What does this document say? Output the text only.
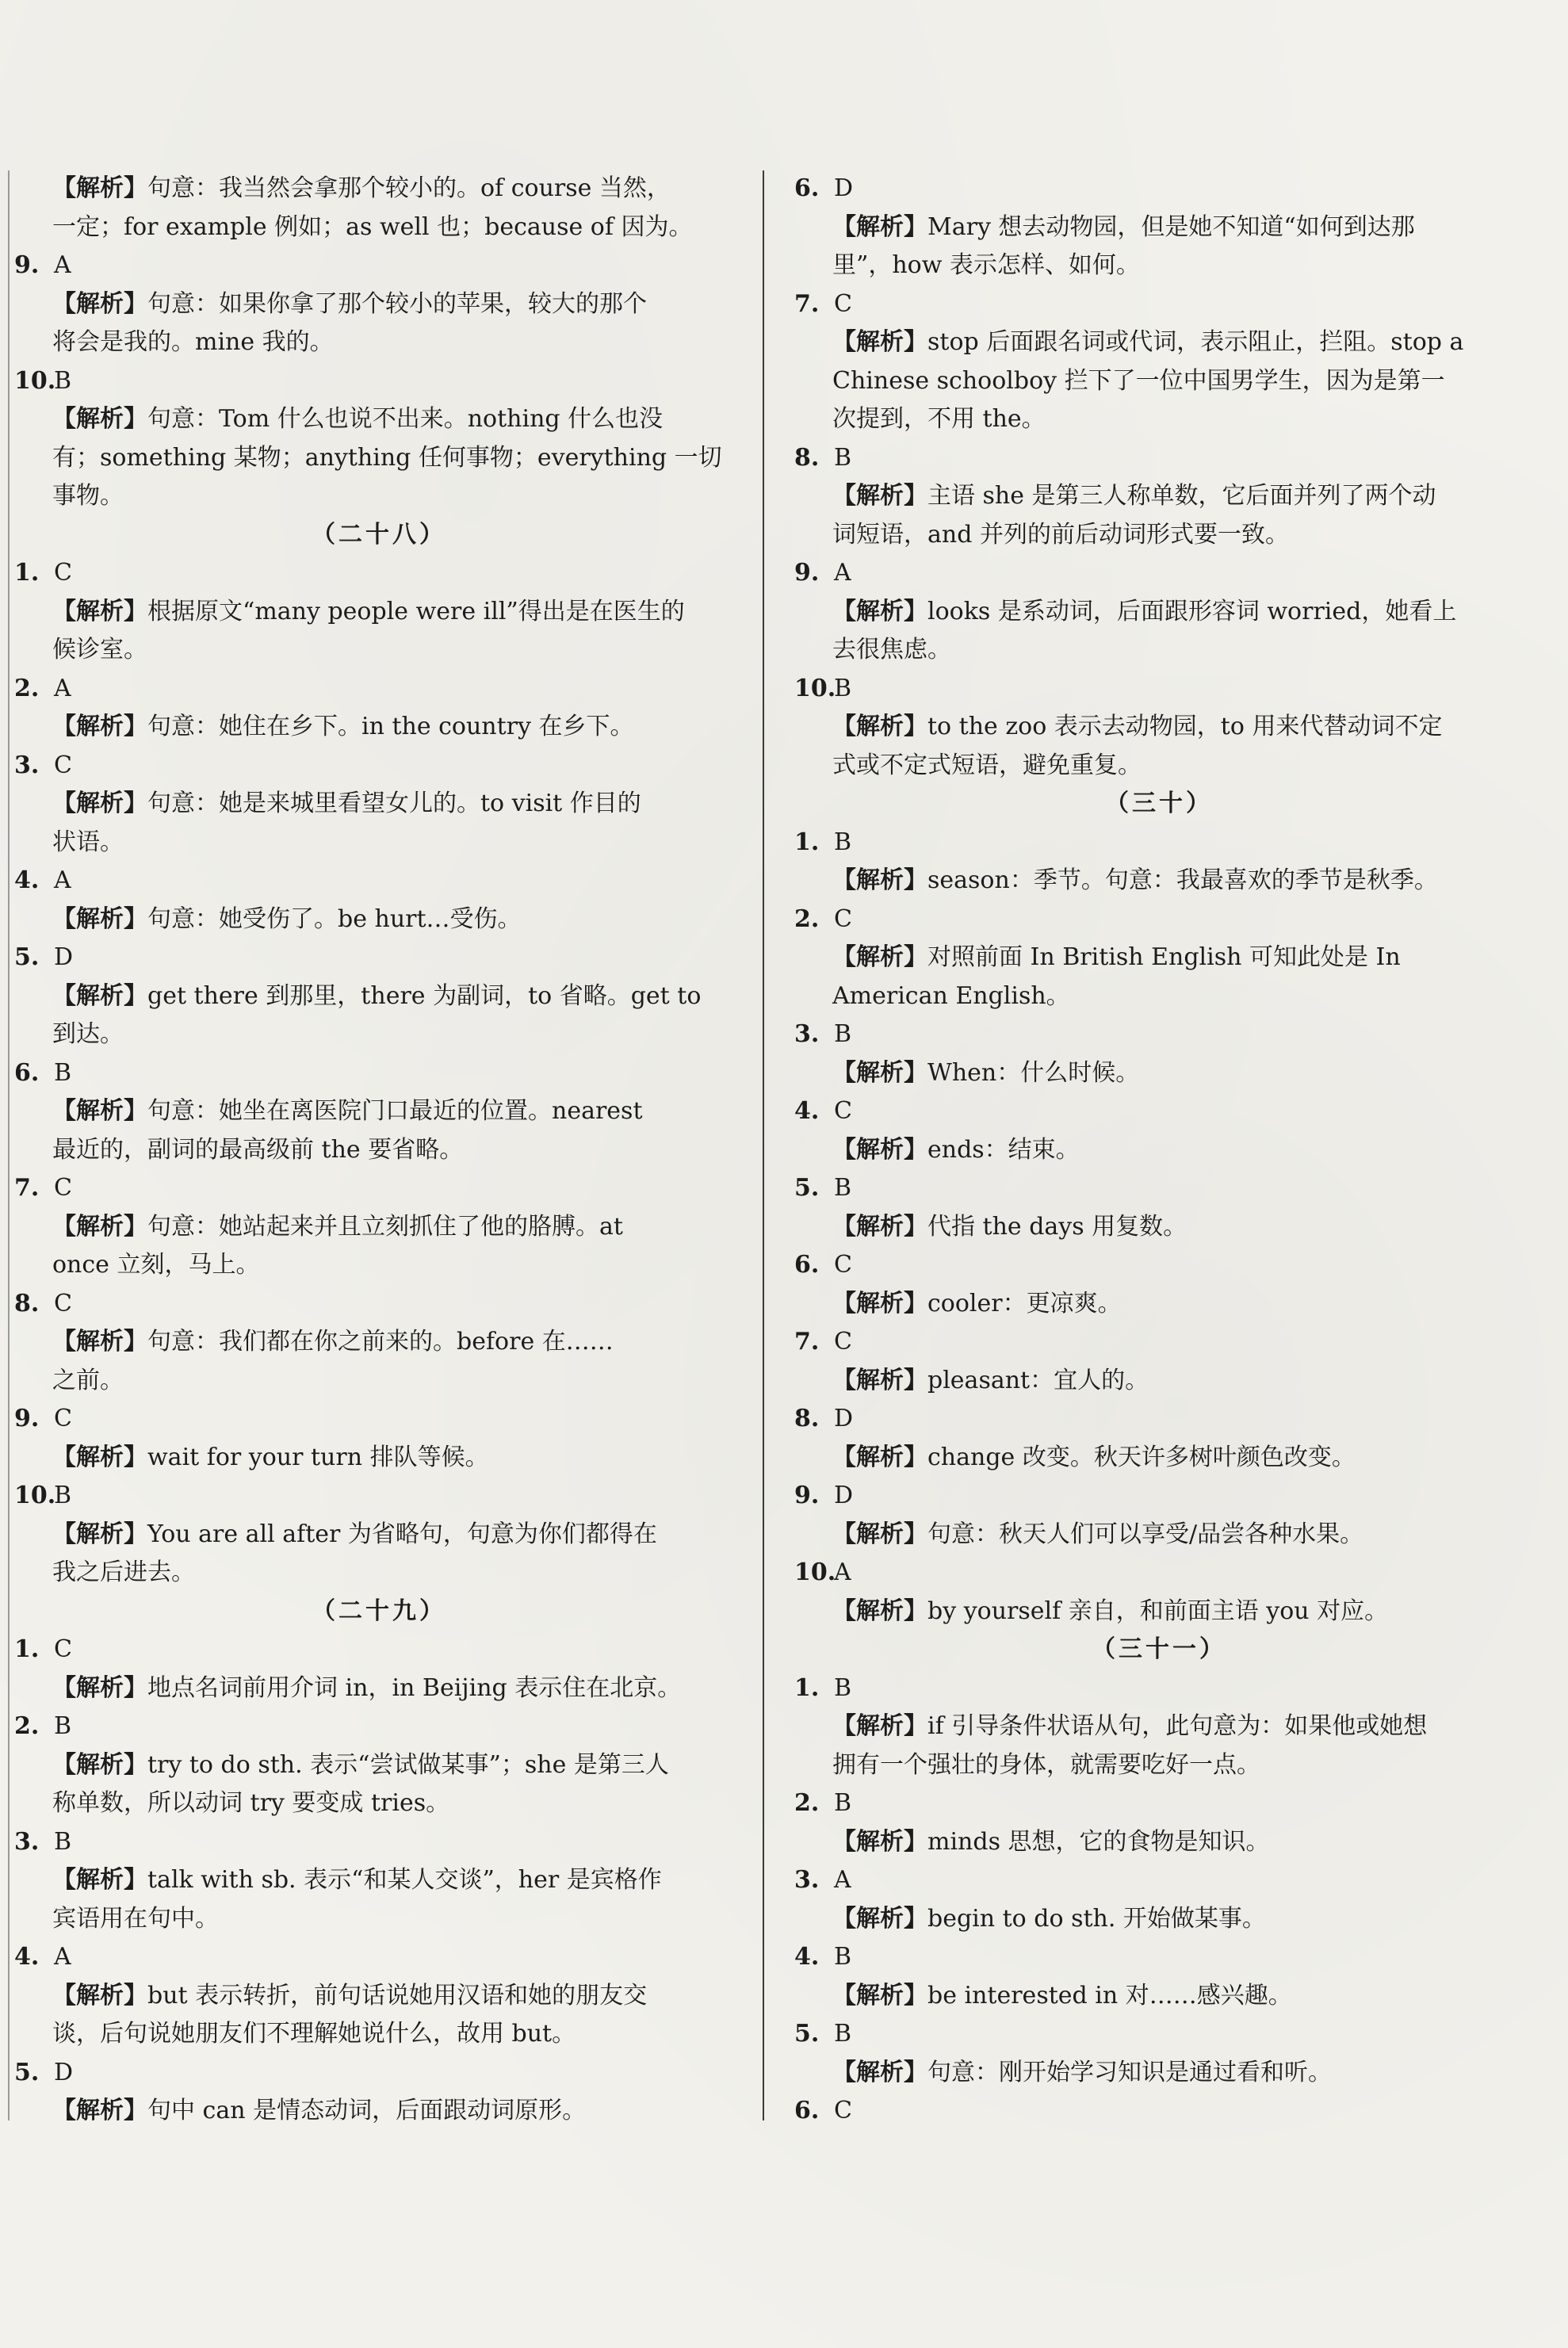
【解析】句意：我当然会拿那个较小的。of course 当然，
一定；for example 例如；as well 也；because of 因为。
9. A
【解析】句意：如果你拿了那个较小的苹果，较大的那个
将会是我的。mine 我的。
10.B
【解析】句意：Tom 什么也说不出来。nothing 什么也没
有；something 某物；anything 任何事物；everything 一切
事物。
（二十八）
1. C
【解析】根据原文“many people were ill”得出是在医生的
候诊室。
2. A
【解析】句意：她住在乡下。in the country 在乡下。
3. C
【解析】句意：她是来城里看望女儿的。to visit 作目的
状语。
4. A
【解析】句意：她受伤了。be hurt…受伤。
5. D
【解析】get there 到那里，there 为副词，to 省略。get to
到达。
6. B
【解析】句意：她坐在离医院门口最近的位置。nearest
最近的，副词的最高级前 the 要省略。
7. C
【解析】句意：她站起来并且立刻抓住了他的胳膊。at
once 立刻，马上。
8. C
【解析】句意：我们都在你之前来的。before 在……
之前。
9. C
【解析】wait for your turn 排队等候。
10.B
【解析】You are all after 为省略句，句意为你们都得在
我之后进去。
（二十九）
1. C
【解析】地点名词前用介词 in，in Beijing 表示住在北京。
2. B
【解析】try to do sth. 表示“尝试做某事”；she 是第三人
称单数，所以动词 try 要变成 tries。
3. B
【解析】talk with sb. 表示“和某人交谈”，her 是宾格作
宾语用在句中。
4. A
【解析】but 表示转折，前句话说她用汉语和她的朋友交
谈，后句说她朋友们不理解她说什么，故用 but。
5. D
【解析】句中 can 是情态动词，后面跟动词原形。
6. D
【解析】Mary 想去动物园，但是她不知道“如何到达那
里”，how 表示怎样、如何。
7. C
【解析】stop 后面跟名词或代词，表示阻止，拦阻。stop a
Chinese schoolboy 拦下了一位中国男学生，因为是第一
次提到，不用 the。
8. B
【解析】主语 she 是第三人称单数，它后面并列了两个动
词短语，and 并列的前后动词形式要一致。
9. A
【解析】looks 是系动词，后面跟形容词 worried，她看上
去很焦虑。
10.B
【解析】to the zoo 表示去动物园，to 用来代替动词不定
式或不定式短语，避免重复。
（三十）
1. B
【解析】season：季节。句意：我最喜欢的季节是秋季。
2. C
【解析】对照前面 In British English 可知此处是 In
American English。
3. B
【解析】When：什么时候。
4. C
【解析】ends：结束。
5. B
【解析】代指 the days 用复数。
6. C
【解析】cooler：更凉爽。
7. C
【解析】pleasant：宜人的。
8. D
【解析】change 改变。秋天许多树叶颜色改变。
9. D
【解析】句意：秋天人们可以享受/品尝各种水果。
10.A
【解析】by yourself 亲自，和前面主语 you 对应。
（三十一）
1. B
【解析】if 引导条件状语从句，此句意为：如果他或她想
拥有一个强壮的身体，就需要吃好一点。
2. B
【解析】minds 思想，它的食物是知识。
3. A
【解析】begin to do sth. 开始做某事。
4. B
【解析】be interested in 对……感兴趣。
5. B
【解析】句意：刚开始学习知识是通过看和听。
6. C
